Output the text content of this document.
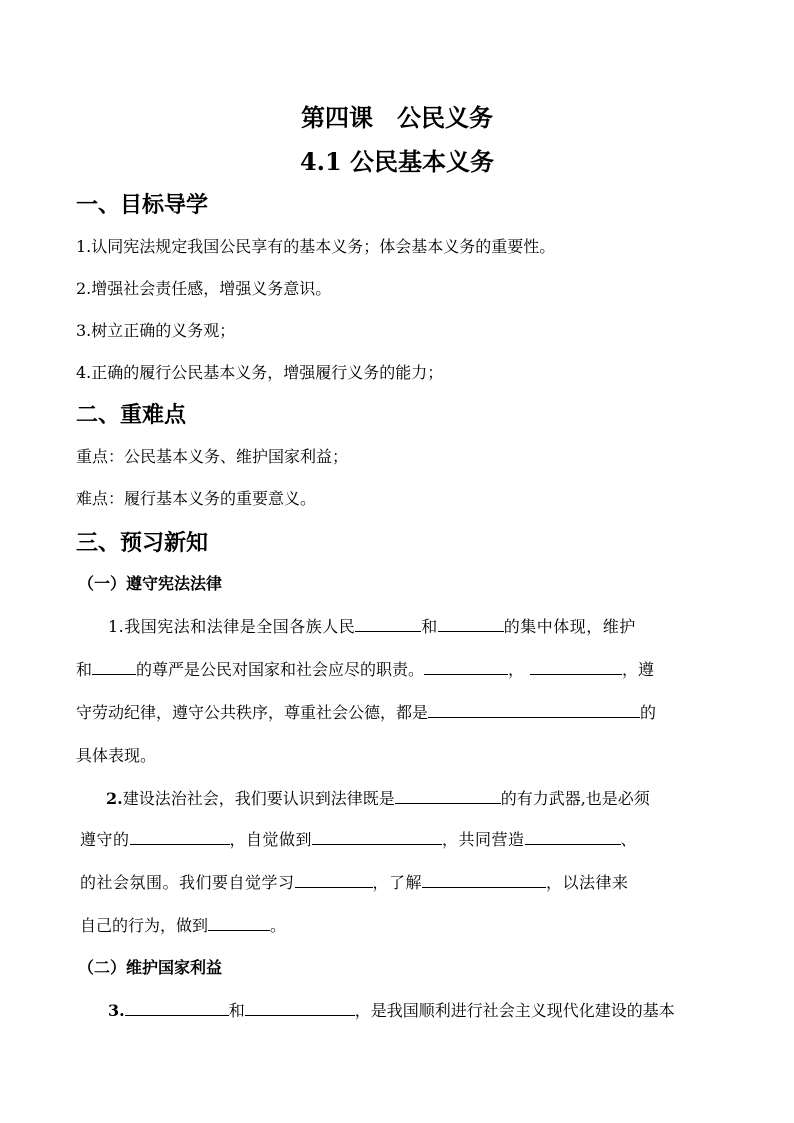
第四课　公民义务
4.1 公民基本义务
一、目标导学
1.认同宪法规定我国公民享有的基本义务；体会基本义务的重要性。
2.增强社会责任感，增强义务意识。
3.树立正确的义务观；
4.正确的履行公民基本义务，增强履行义务的能力；
二、重难点
重点：公民基本义务、维护国家利益；
难点：履行基本义务的重要意义。
三、预习新知
（一）遵守宪法法律
1.我国宪法和法律是全国各族人民	和	的集中体现，维护
和	的尊严是公民对国家和社会应尽的职责。	，	，遵
守劳动纪律，遵守公共秩序，尊重社会公德，都是	的
具体表现。
2.建设法治社会，我们要认识到法律既是	的有力武器,也是必须
遵守的	，自觉做到	，共同营造	、
的社会氛围。我们要自觉学习	，了解	，以法律来
自己的行为，做到	。
（二）维护国家利益
3.	和	，是我国顺利进行社会主义现代化建设的基本
